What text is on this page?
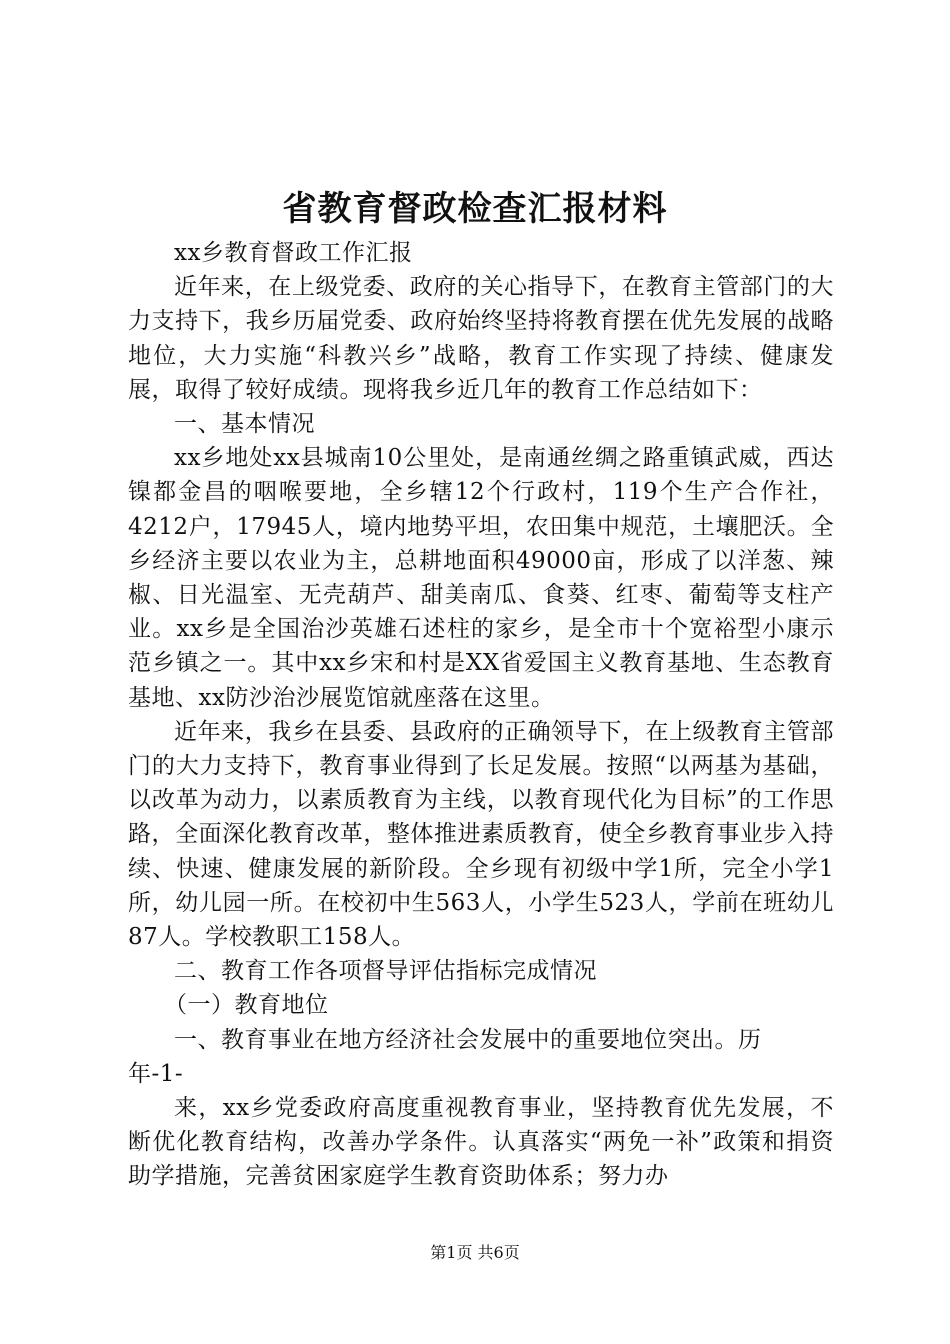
省教育督政检查汇报材料

xx乡教育督政工作汇报

近年来，在上级党委、政府的关心指导下，在教育主管部门的大力支持下，我乡历届党委、政府始终坚持将教育摆在优先发展的战略地位，大力实施“科教兴乡”战略，教育工作实现了持续、健康发展，取得了较好成绩。现将我乡近几年的教育工作总结如下：

一、基本情况

xx乡地处xx县城南10公里处，是南通丝绸之路重镇武威，西达镍都金昌的咽喉要地，全乡辖12个行政村，119个生产合作社，4212户，17945人，境内地势平坦，农田集中规范，土壤肥沃。全乡经济主要以农业为主，总耕地面积49000亩，形成了以洋葱、辣椒、日光温室、无壳葫芦、甜美南瓜、食葵、红枣、葡萄等支柱产业。xx乡是全国治沙英雄石述柱的家乡，是全市十个宽裕型小康示范乡镇之一。其中xx乡宋和村是XX省爱国主义教育基地、生态教育基地、xx防沙治沙展览馆就座落在这里。

近年来，我乡在县委、县政府的正确领导下，在上级教育主管部门的大力支持下，教育事业得到了长足发展。按照“以两基为基础，以改革为动力，以素质教育为主线，以教育现代化为目标”的工作思路，全面深化教育改革，整体推进素质教育，使全乡教育事业步入持续、快速、健康发展的新阶段。全乡现有初级中学1所，完全小学1所，幼儿园一所。在校初中生563人，小学生523人，学前在班幼儿87人。学校教职工158人。

二、教育工作各项督导评估指标完成情况

（一）教育地位

一、教育事业在地方经济社会发展中的重要地位突出。历

年-1-

来，xx乡党委政府高度重视教育事业，坚持教育优先发展，不断优化教育结构，改善办学条件。认真落实“两免一补”政策和捐资助学措施，完善贫困家庭学生教育资助体系；努力办

第1页 共6页
